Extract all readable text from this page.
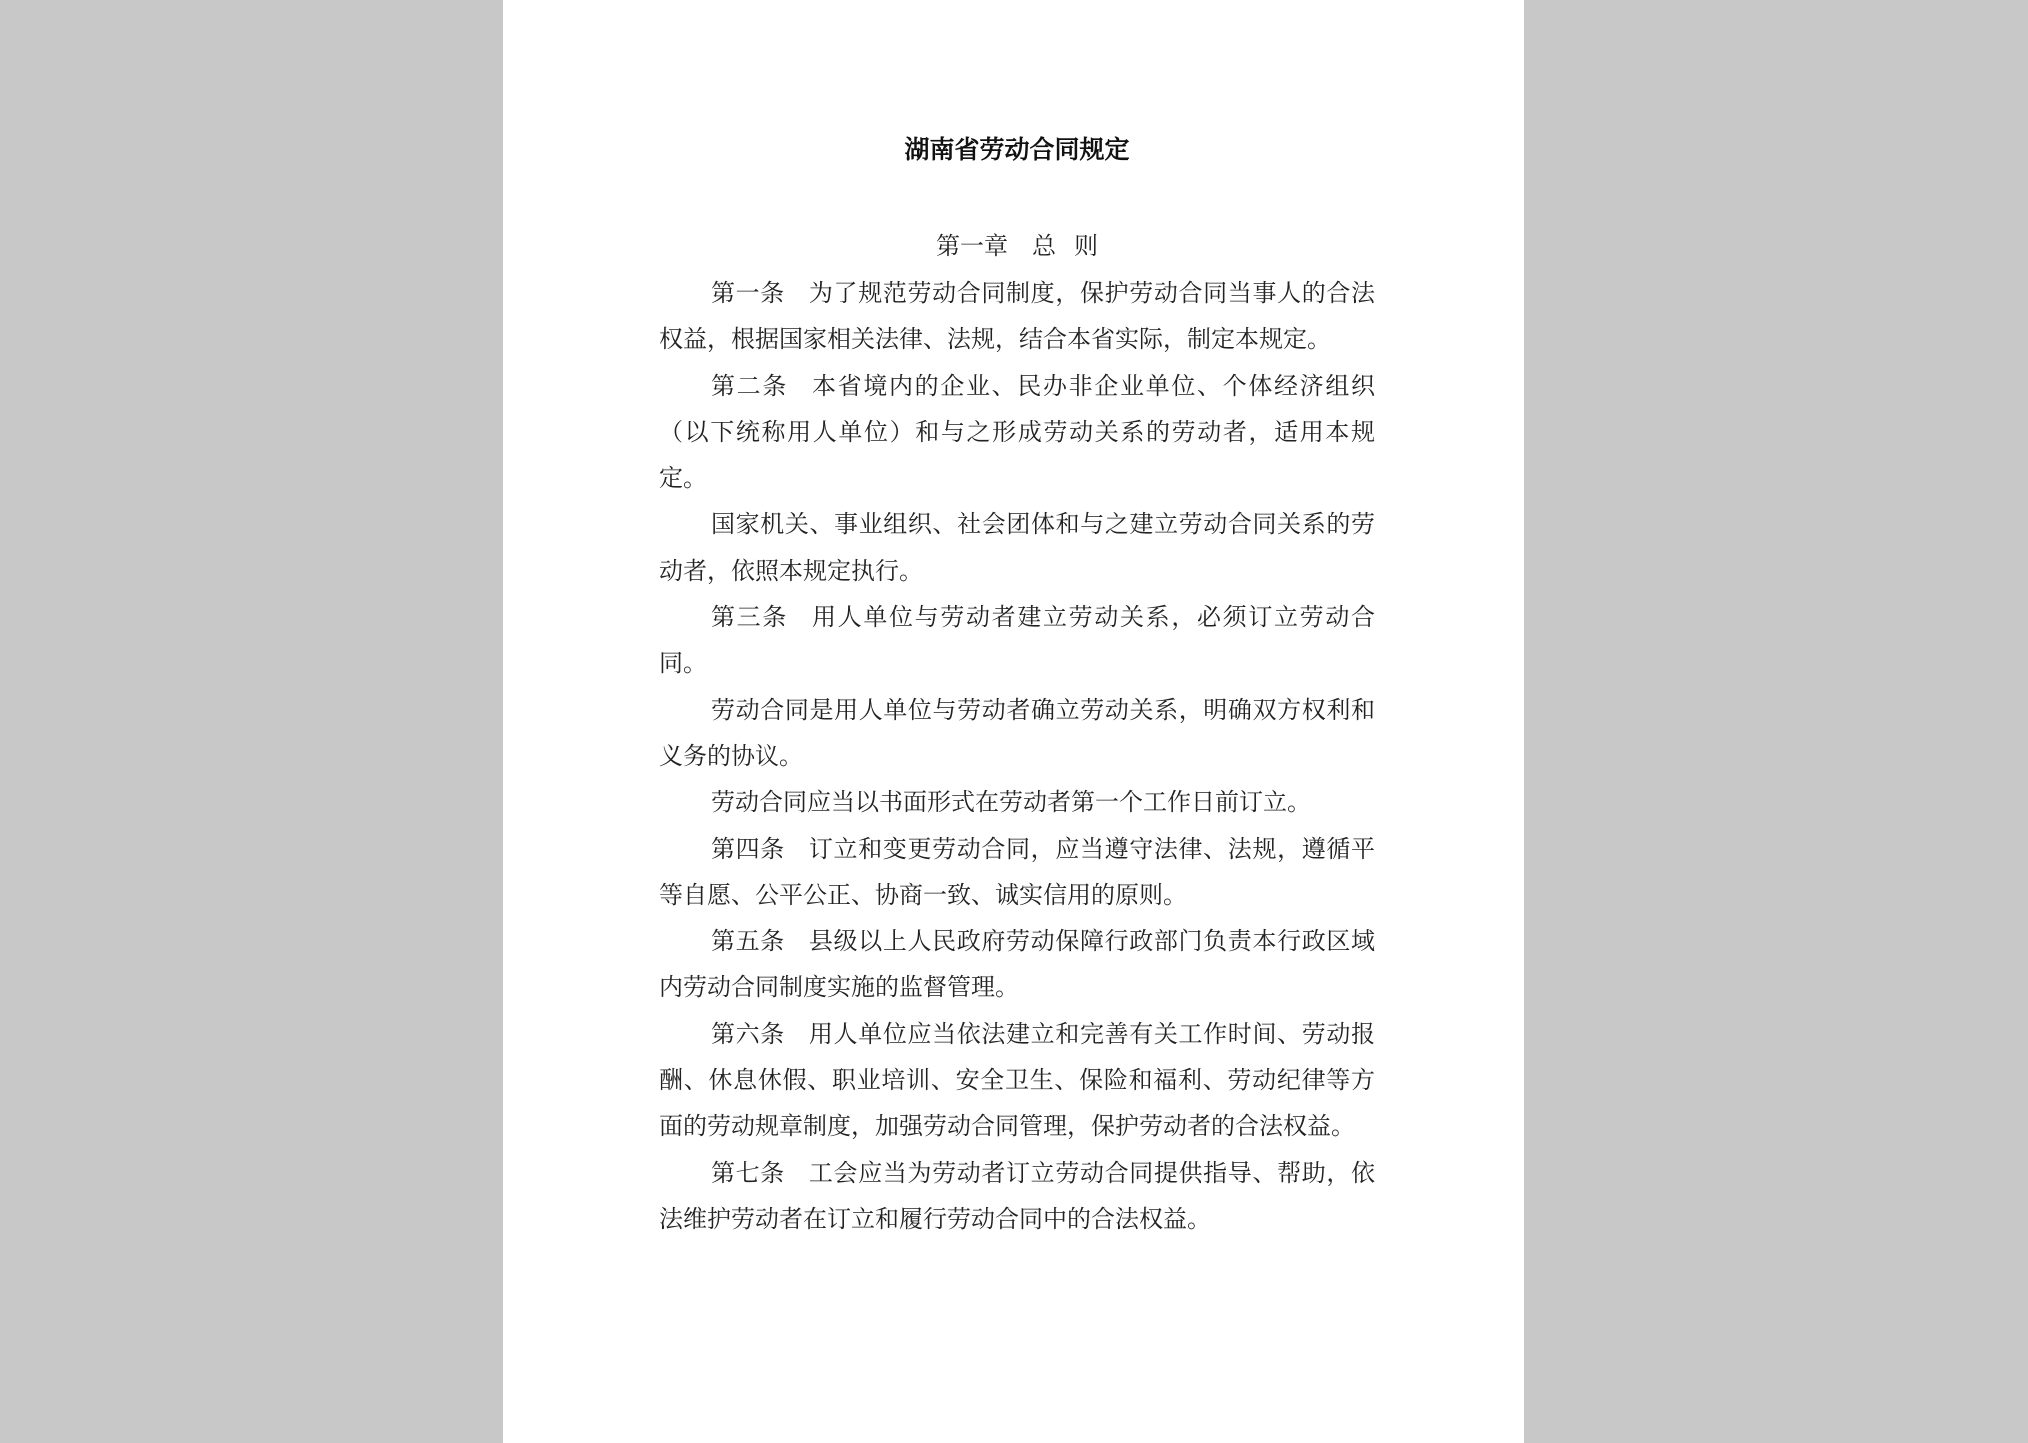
湖南省劳动合同规定
第一章 总 则

第一条 为了规范劳动合同制度，保护劳动合同当事人的合法权益，根据国家相关法律、法规，结合本省实际，制定本规定。

第二条 本省境内的企业、民办非企业单位、个体经济组织（以下统称用人单位）和与之形成劳动关系的劳动者，适用本规定。

国家机关、事业组织、社会团体和与之建立劳动合同关系的劳动者，依照本规定执行。

第三条 用人单位与劳动者建立劳动关系，必须订立劳动合同。

劳动合同是用人单位与劳动者确立劳动关系，明确双方权利和义务的协议。

劳动合同应当以书面形式在劳动者第一个工作日前订立。

第四条 订立和变更劳动合同，应当遵守法律、法规，遵循平等自愿、公平公正、协商一致、诚实信用的原则。

第五条 县级以上人民政府劳动保障行政部门负责本行政区域内劳动合同制度实施的监督管理。

第六条 用人单位应当依法建立和完善有关工作时间、劳动报酬、休息休假、职业培训、安全卫生、保险和福利、劳动纪律等方面的劳动规章制度，加强劳动合同管理，保护劳动者的合法权益。

第七条 工会应当为劳动者订立劳动合同提供指导、帮助，依法维护劳动者在订立和履行劳动合同中的合法权益。
